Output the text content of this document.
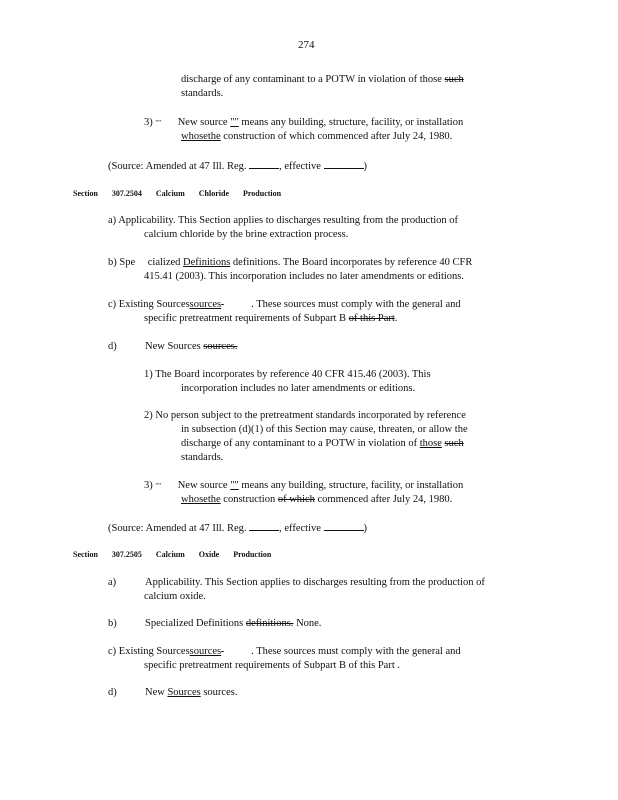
274
discharge of any contaminant to a POTW in violation of those such
standards.
3) "" New source "" means any building, structure, facility, or installation
whosethe construction of which commenced after July 24, 1980.
(Source: Amended at 47 Ill. Reg.	, effective	)
Section 307.2504 Calcium Chloride Production
a) Applicability. This Section applies to discharges resulting from the production of
calcium chloride by the brine extraction process.
b) Spe cialized Definitions definitions. The Board incorporates by reference 40 CFR
415.41 (2003). This incorporation includes no later amendments or editions.
c) Existing Sourcessources	. These sources must comply with the general and
specific pretreatment requirements of Subpart B of this Part.
d)	New Sources sources.
1) The Board incorporates by reference 40 CFR 415.46 (2003). This
incorporation includes no later amendments or editions.
2) No person subject to the pretreatment standards incorporated by reference
in subsection (d)(1) of this Section may cause, threaten, or allow the
discharge of any contaminant to a POTW in violation of those such
standards.
3) "" New source "" means any building, structure, facility, or installation
whosethe construction of which commenced after July 24, 1980.
(Source: Amended at 47 Ill. Reg.	, effective	)
Section 307.2505 Calcium Oxide Production
a)	Applicability. This Section applies to discharges resulting from the production of
calcium oxide.
b)	Specialized Definitions definitions. None.
c) Existing Sourcessources	. These sources must comply with the general and
specific pretreatment requirements of Subpart B of this Part .
d)	New Sources sources.
